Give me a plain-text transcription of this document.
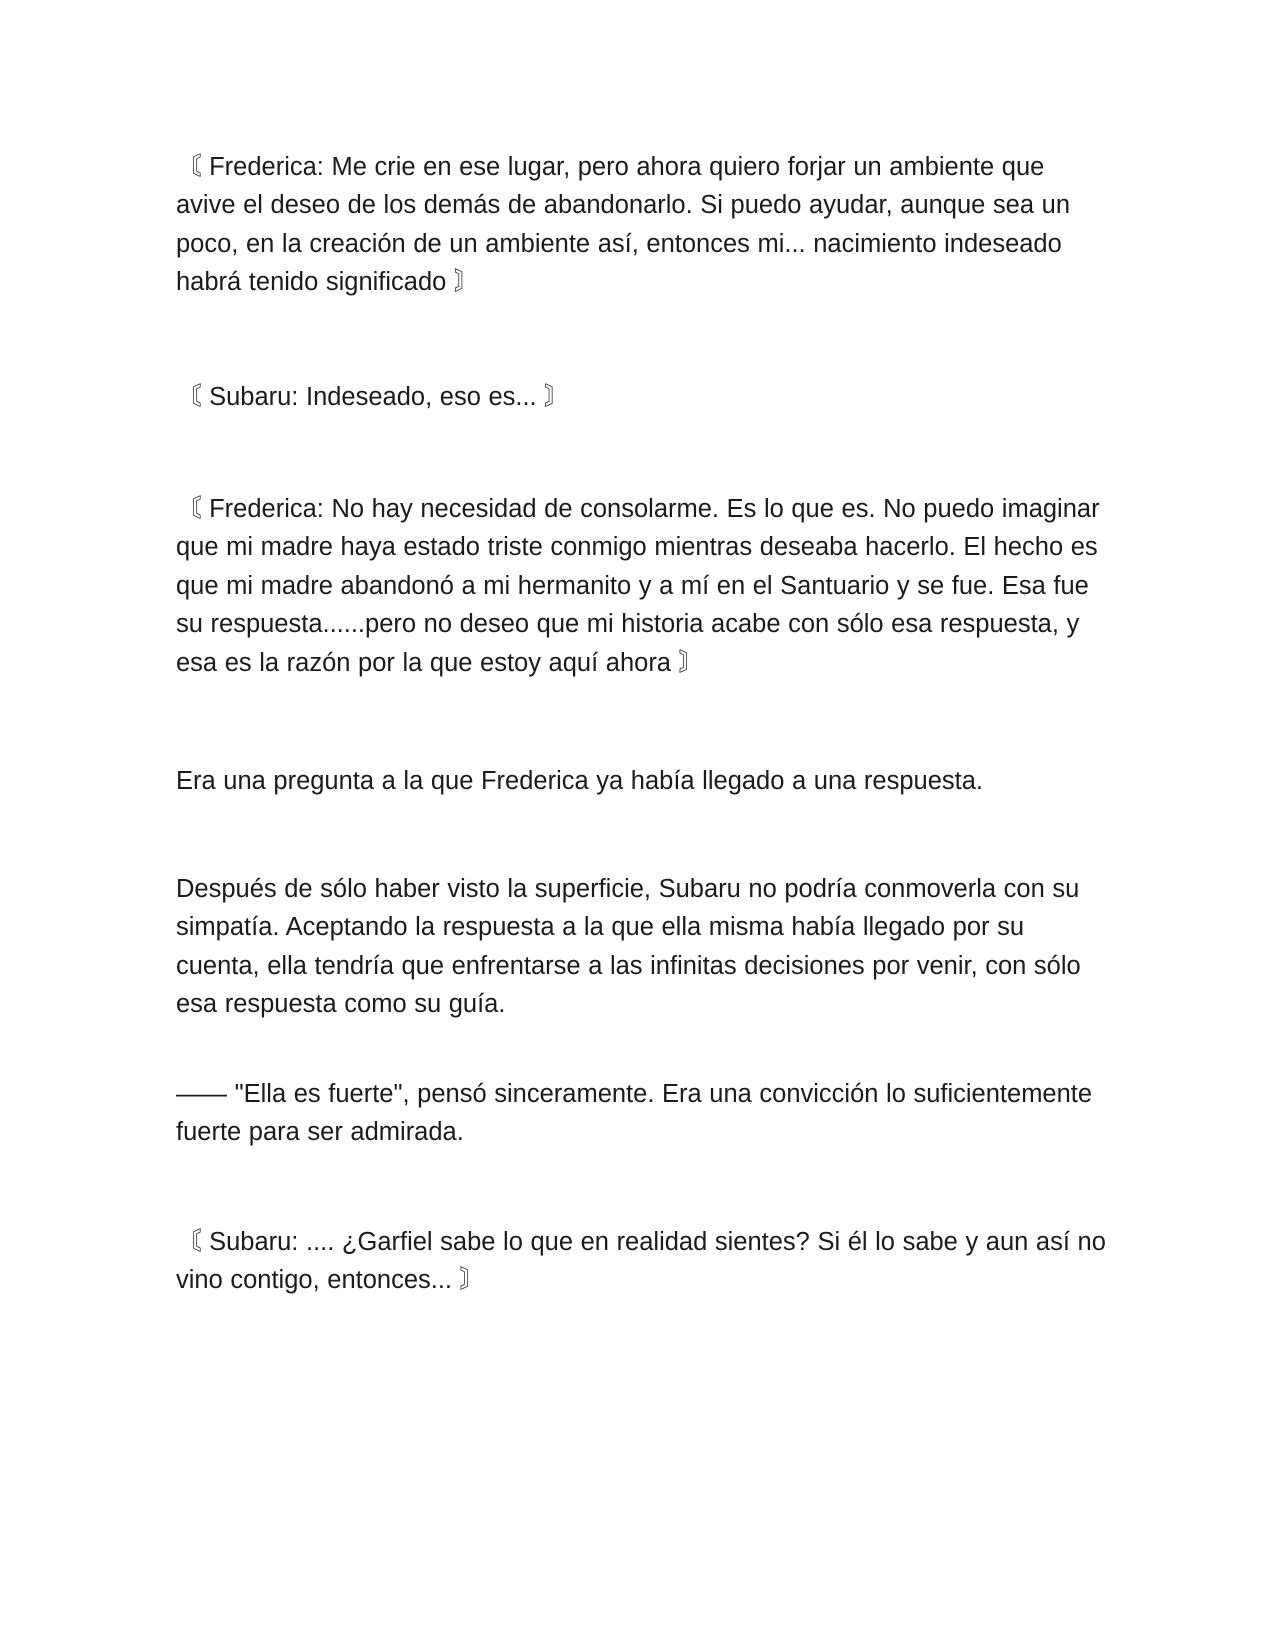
〘 Frederica: Me crie en ese lugar, pero ahora quiero forjar un ambiente que avive el deseo de los demás de abandonarlo. Si puedo ayudar, aunque sea un poco, en la creación de un ambiente así, entonces mi... nacimiento indeseado habrá tenido significado 〙

〘 Subaru: Indeseado, eso es... 〙

〘 Frederica: No hay necesidad de consolarme. Es lo que es. No puedo imaginar que mi madre haya estado triste conmigo mientras deseaba hacerlo. El hecho es que mi madre abandonó a mi hermanito y a mí en el Santuario y se fue. Esa fue su respuesta......pero no deseo que mi historia acabe con sólo esa respuesta, y esa es la razón por la que estoy aquí ahora 〙

Era una pregunta a la que Frederica ya había llegado a una respuesta.

Después de sólo haber visto la superficie, Subaru no podría conmoverla con su simpatía. Aceptando la respuesta a la que ella misma había llegado por su cuenta, ella tendría que enfrentarse a las infinitas decisiones por venir, con sólo esa respuesta como su guía.

—— "Ella es fuerte", pensó sinceramente. Era una convicción lo suficientemente fuerte para ser admirada.

〘 Subaru: .... ¿Garfiel sabe lo que en realidad sientes? Si él lo sabe y aun así no vino contigo, entonces... 〙
